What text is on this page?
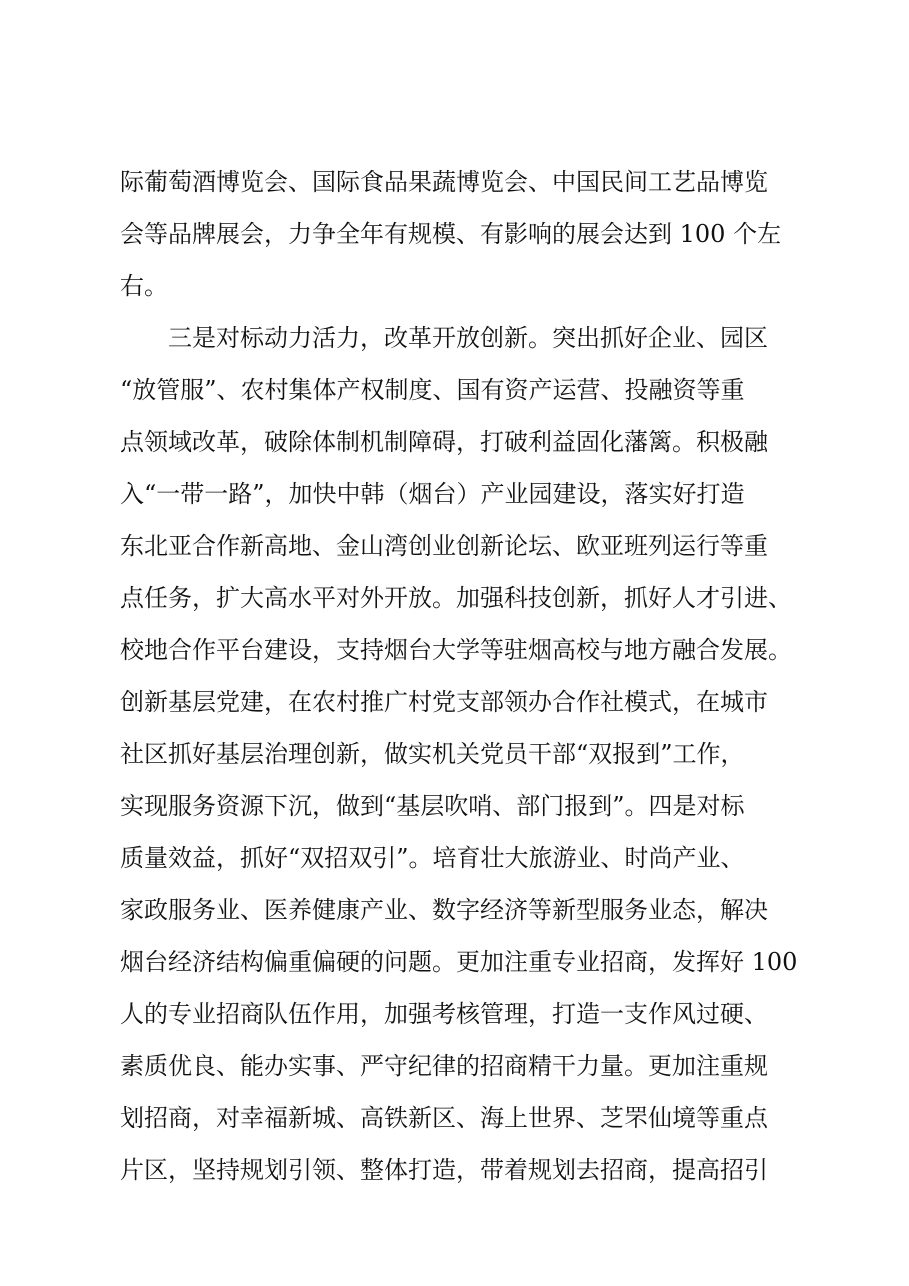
际葡萄酒博览会、国际食品果蔬博览会、中国民间工艺品博览
会等品牌展会，力争全年有规模、有影响的展会达到 100 个左
右。
三是对标动力活力，改革开放创新。突出抓好企业、园区
“放管服”、农村集体产权制度、国有资产运营、投融资等重
点领域改革，破除体制机制障碍，打破利益固化藩篱。积极融
入“一带一路”，加快中韩（烟台）产业园建设，落实好打造
东北亚合作新高地、金山湾创业创新论坛、欧亚班列运行等重
点任务，扩大高水平对外开放。加强科技创新，抓好人才引进、
校地合作平台建设，支持烟台大学等驻烟高校与地方融合发展。
创新基层党建，在农村推广村党支部领办合作社模式，在城市
社区抓好基层治理创新，做实机关党员干部“双报到”工作，
实现服务资源下沉，做到“基层吹哨、部门报到”。四是对标
质量效益，抓好“双招双引”。培育壮大旅游业、时尚产业、
家政服务业、医养健康产业、数字经济等新型服务业态，解决
烟台经济结构偏重偏硬的问题。更加注重专业招商，发挥好 100
人的专业招商队伍作用，加强考核管理，打造一支作风过硬、
素质优良、能办实事、严守纪律的招商精干力量。更加注重规
划招商，对幸福新城、高铁新区、海上世界、芝罘仙境等重点
片区，坚持规划引领、整体打造，带着规划去招商，提高招引
